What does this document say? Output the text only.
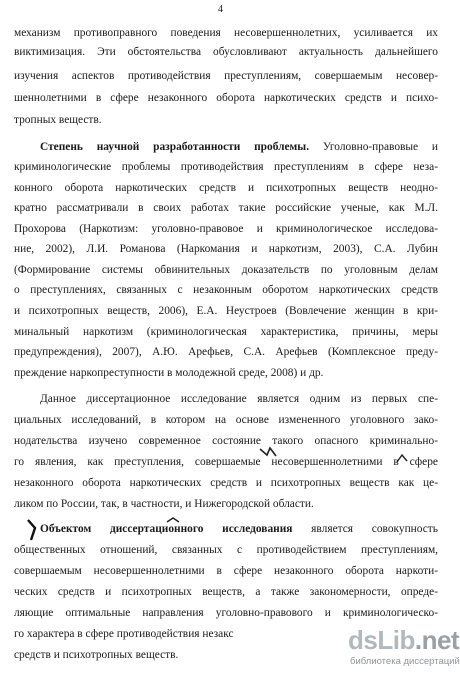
4
механизм противоправного поведения несовершеннолетних, усиливается их
виктимизация. Эти обстоятельства обусловливают актуальность дальнейшего
изучения аспектов противодействия преступлениям, совершаемым несовер-
шеннолетними в сфере незаконного оборота наркотических средств и психо-
тропных веществ.
Степень научной разработанности проблемы. Уголовно-правовые и
криминологические проблемы противодействия преступлениям в сфере неза-
конного оборота наркотических средств и психотропных веществ неодно-
кратно рассматривали в своих работах такие российские ученые, как М.Л.
Прохорова (Наркотизм: уголовно-правовое и криминологическое исследова-
ние, 2002), Л.И. Романова (Наркомания и наркотизм, 2003), С.А. Лубин
(Формирование системы обвинительных доказательств по уголовным делам
о преступлениях, связанных с незаконным оборотом наркотических средств
и психотропных веществ, 2006), Е.А. Неустроев (Вовлечение женщин в кри-
минальный наркотизм (криминологическая характеристика, причины, меры
предупреждения), 2007), А.Ю. Арефьев, С.А. Арефьев (Комплексное преду-
преждение наркопреступности в молодежной среде, 2008) и др.
Данное диссертационное исследование является одним из первых спе-
циальных исследований, в котором на основе измененного уголовного зако-
нодательства изучено современное состояние такого опасного криминально-
го явления, как преступления, совершаемые несовершеннолетними в сфере
незаконного оборота наркотических средств и психотропных веществ как це-
ликом по России, так, в частности, и Нижегородской области.
Объектом диссертационного исследования является совокупность
общественных отношений, связанных с противодействием преступлениям,
совершаемым несовершеннолетними в сфере незаконного оборота наркоти-
ческих средств и психотропных веществ, а также закономерности, опреде-
ляющие оптимальные направления уголовно-правового и криминологическо-
го характера в сфере противодействия незакс
средств и психотропных веществ.	dsLib.net
библиотека диссертаций
